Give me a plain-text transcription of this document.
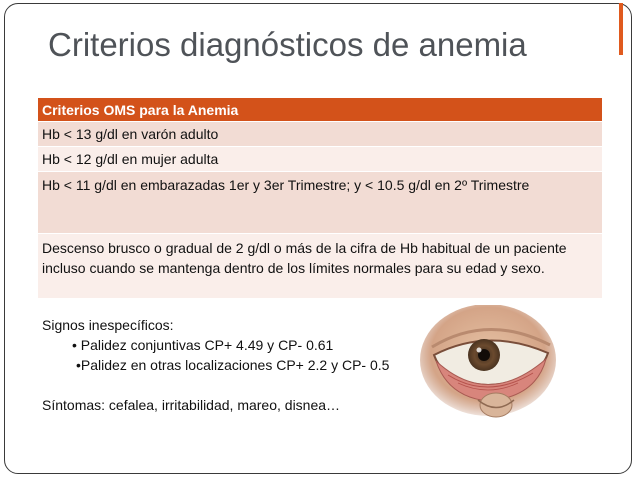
Criterios diagnósticos de anemia
Criterios OMS para la Anemia
Hb < 13 g/dl en varón adulto
Hb < 12 g/dl en mujer adulta
Hb < 11 g/dl en embarazadas 1er y 3er Trimestre; y < 10.5 g/dl en 2º Trimestre
Descenso brusco o gradual de 2 g/dl o más de la cifra de Hb habitual de un paciente incluso cuando se mantenga dentro de los límites normales para su edad y sexo.
Signos inespecíficos:
• Palidez conjuntivas CP+ 4.49 y CP- 0.61
•Palidez en otras localizaciones CP+ 2.2 y CP- 0.5
Síntomas: cefalea, irritabilidad, mareo, disnea…
